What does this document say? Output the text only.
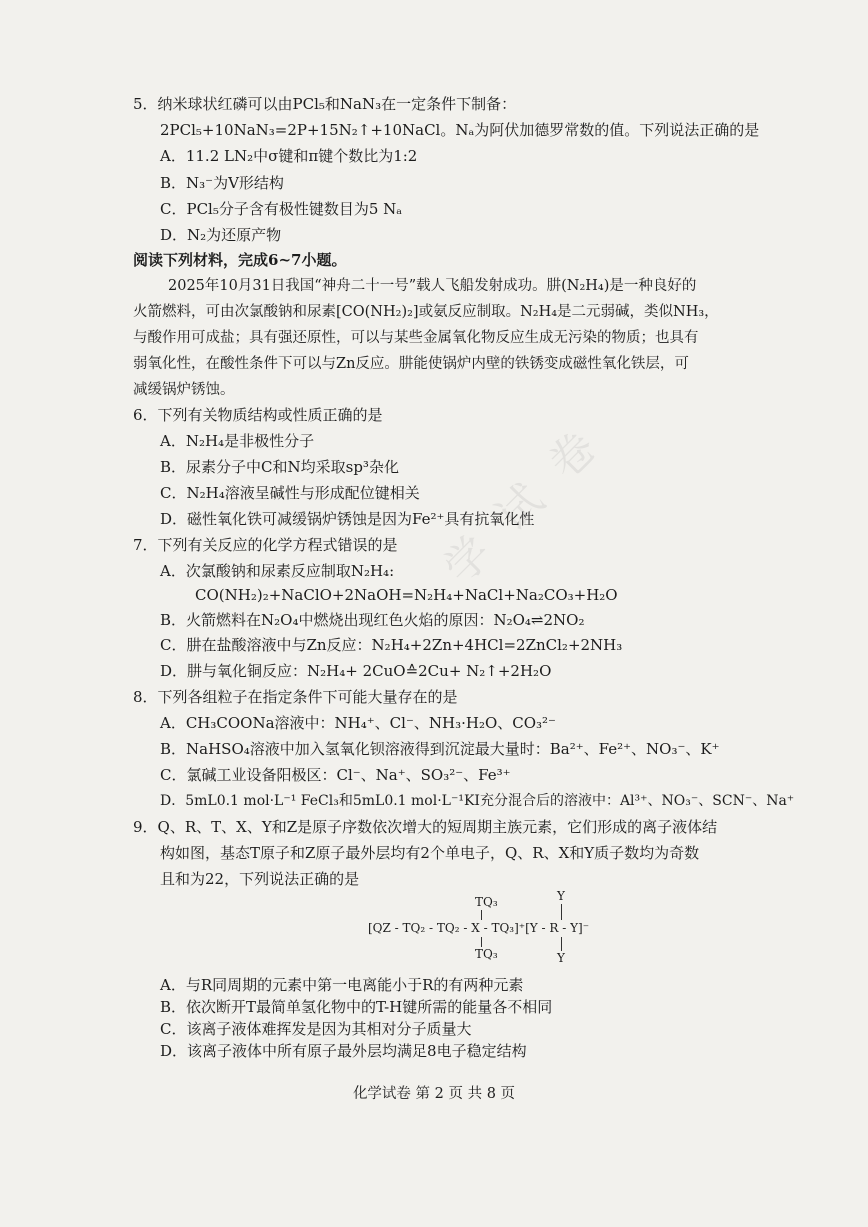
学 试 卷
5．纳米球状红磷可以由PCl₅和NaN₃在一定条件下制备：
2PCl₅+10NaN₃=2P+15N₂↑+10NaCl。Nₐ为阿伏加德罗常数的值。下列说法正确的是
A．11.2 LN₂中σ键和π键个数比为1:2
B．N₃⁻为V形结构
C．PCl₅分子含有极性键数目为5 Nₐ
D．N₂为还原产物
阅读下列材料，完成6~7小题。
2025年10月31日我国“神舟二十一号”载人飞船发射成功。肼(N₂H₄)是一种良好的
火箭燃料，可由次氯酸钠和尿素[CO(NH₂)₂]或氨反应制取。N₂H₄是二元弱碱，类似NH₃，
与酸作用可成盐；具有强还原性，可以与某些金属氧化物反应生成无污染的物质；也具有
弱氧化性，在酸性条件下可以与Zn反应。肼能使锅炉内壁的铁锈变成磁性氧化铁层，可
减缓锅炉锈蚀。
6．下列有关物质结构或性质正确的是
A．N₂H₄是非极性分子
B．尿素分子中C和N均采取sp³杂化
C．N₂H₄溶液呈碱性与形成配位键相关
D．磁性氧化铁可减缓锅炉锈蚀是因为Fe²⁺具有抗氧化性
7．下列有关反应的化学方程式错误的是
A．次氯酸钠和尿素反应制取N₂H₄:
CO(NH₂)₂+NaClO+2NaOH=N₂H₄+NaCl+Na₂CO₃+H₂O
B．火箭燃料在N₂O₄中燃烧出现红色火焰的原因：N₂O₄⇌2NO₂
C．肼在盐酸溶液中与Zn反应：N₂H₄+2Zn+4HCl=2ZnCl₂+2NH₃
D．肼与氧化铜反应：N₂H₄+ 2CuO≙2Cu+ N₂↑+2H₂O
8．下列各组粒子在指定条件下可能大量存在的是
A．CH₃COONa溶液中：NH₄⁺、Cl⁻、NH₃·H₂O、CO₃²⁻
B．NaHSO₄溶液中加入氢氧化钡溶液得到沉淀最大量时：Ba²⁺、Fe²⁺、NO₃⁻、K⁺
C．氯碱工业设备阳极区：Cl⁻、Na⁺、SO₃²⁻、Fe³⁺
D．5mL0.1 mol·L⁻¹ FeCl₃和5mL0.1 mol·L⁻¹KI充分混合后的溶液中：Al³⁺、NO₃⁻、SCN⁻、Na⁺
9．Q、R、T、X、Y和Z是原子序数依次增大的短周期主族元素，它们形成的离子液体结
构如图，基态T原子和Z原子最外层均有2个单电子，Q、R、X和Y质子数均为奇数
且和为22，下列说法正确的是
TQ₃	Y
[QZ - TQ₂ - TQ₂ - X - TQ₃]⁺[Y - R - Y]⁻
TQ₃	Y
A．与R同周期的元素中第一电离能小于R的有两种元素
B．依次断开T最简单氢化物中的T-H键所需的能量各不相同
C．该离子液体难挥发是因为其相对分子质量大
D．该离子液体中所有原子最外层均满足8电子稳定结构
化学试卷 第 2 页 共 8 页
